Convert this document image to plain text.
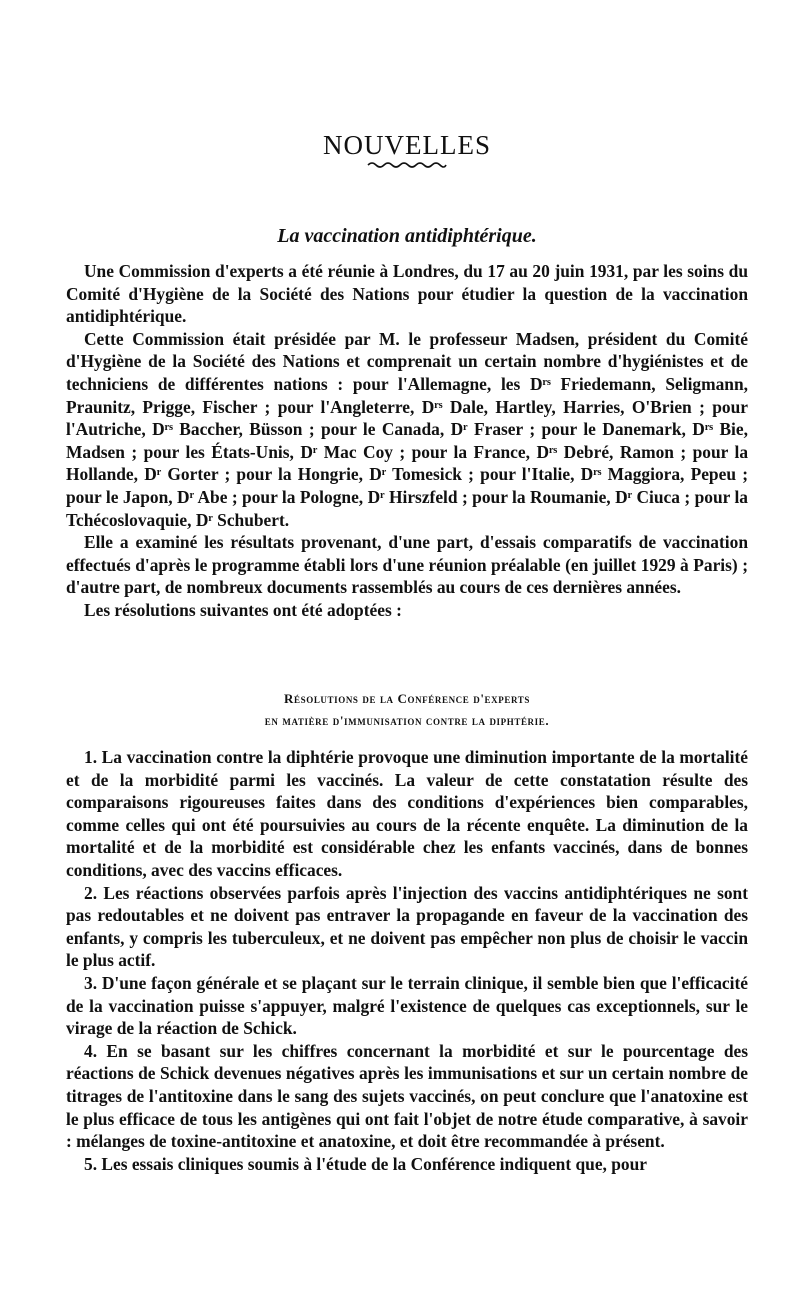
NOUVELLES
La vaccination antidiphtérique.

Une Commission d'experts a été réunie à Londres, du 17 au 20 juin 1931, par les soins du Comité d'Hygiène de la Société des Nations pour étudier la question de la vaccination antidiphtérique.

Cette Commission était présidée par M. le professeur Madsen, président du Comité d'Hygiène de la Société des Nations et comprenait un certain nombre d'hygiénistes et de techniciens de différentes nations : pour l'Allemagne, les Dʳˢ Friedemann, Seligmann, Praunitz, Prigge, Fischer ; pour l'Angleterre, Dʳˢ Dale, Hartley, Harries, O'Brien ; pour l'Autriche, Dʳˢ Baccher, Büsson ; pour le Canada, Dʳ Fraser ; pour le Danemark, Dʳˢ Bie, Madsen ; pour les États-Unis, Dʳ Mac Coy ; pour la France, Dʳˢ Debré, Ramon ; pour la Hollande, Dʳ Gorter ; pour la Hongrie, Dʳ Tomesick ; pour l'Italie, Dʳˢ Maggiora, Pepeu ; pour le Japon, Dʳ Abe ; pour la Pologne, Dʳ Hirszfeld ; pour la Roumanie, Dʳ Ciuca ; pour la Tchécoslovaquie, Dʳ Schubert.

Elle a examiné les résultats provenant, d'une part, d'essais comparatifs de vaccination effectués d'après le programme établi lors d'une réunion préalable (en juillet 1929 à Paris) ; d'autre part, de nombreux documents rassemblés au cours de ces dernières années.

Les résolutions suivantes ont été adoptées :

Résolutions de la Conférence d'experts
en matière d'immunisation contre la diphtérie.

1. La vaccination contre la diphtérie provoque une diminution importante de la mortalité et de la morbidité parmi les vaccinés. La valeur de cette constatation résulte des comparaisons rigoureuses faites dans des conditions d'expériences bien comparables, comme celles qui ont été poursuivies au cours de la récente enquête. La diminution de la mortalité et de la morbidité est considérable chez les enfants vaccinés, dans de bonnes conditions, avec des vaccins efficaces.

2. Les réactions observées parfois après l'injection des vaccins antidiphtériques ne sont pas redoutables et ne doivent pas entraver la propagande en faveur de la vaccination des enfants, y compris les tuberculeux, et ne doivent pas empêcher non plus de choisir le vaccin le plus actif.

3. D'une façon générale et se plaçant sur le terrain clinique, il semble bien que l'efficacité de la vaccination puisse s'appuyer, malgré l'existence de quelques cas exceptionnels, sur le virage de la réaction de Schick.

4. En se basant sur les chiffres concernant la morbidité et sur le pourcentage des réactions de Schick devenues négatives après les immunisations et sur un certain nombre de titrages de l'antitoxine dans le sang des sujets vaccinés, on peut conclure que l'anatoxine est le plus efficace de tous les antigènes qui ont fait l'objet de notre étude comparative, à savoir : mélanges de toxine-antitoxine et anatoxine, et doit être recommandée à présent.

5. Les essais cliniques soumis à l'étude de la Conférence indiquent que, pour
